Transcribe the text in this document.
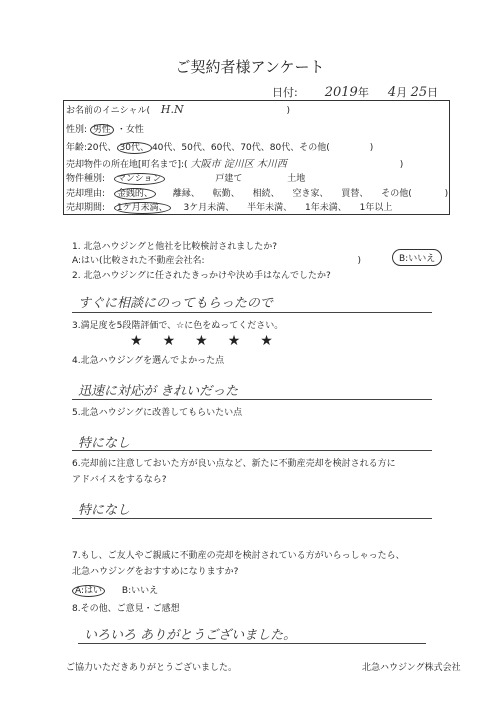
ご契約者様アンケート
日付: 2019年 4月 25日
お名前のイニシャル( H.N	)
性別: 男性 ・女性
年齢:20代、 30代、 40代、50代、60代、70代、80代、その他(	)
売却物件の所在地[町名まで]:( 大阪市 淀川区 木川西	)
物件種別: マンション	戸建て	土地
売却理由: 金銭的、 離縁、 転勤、 相続、 空き家、 買替、 その他(	)
売却期間: 1ケ月未満、 3ケ月未満、 半年未満、 1年未満、 1年以上
1. 北急ハウジングと他社を比較検討されましたか?
A:はい(比較された不動産会社名:	)	B:いいえ
2. 北急ハウジングに任されたきっかけや決め手はなんでしたか?
すぐに相談にのってもらったので
3.満足度を5段階評価で、☆に色をぬってください。
★ ★ ★ ★ ★
4.北急ハウジングを選んでよかった点
迅速に対応が きれいだった
5.北急ハウジングに改善してもらいたい点
特になし
6.売却前に注意しておいた方が良い点など、新たに不動産売却を検討される方に
アドバイスをするなら?
特になし
7.もし、ご友人やご親戚に不動産の売却を検討されている方がいらっしゃったら、
北急ハウジングをおすすめになりますか?
A:はい B:いいえ
8.その他、ご意見・ご感想
いろいろ ありがとうございました。
ご協力いただきありがとうございました。	北急ハウジング株式会社
